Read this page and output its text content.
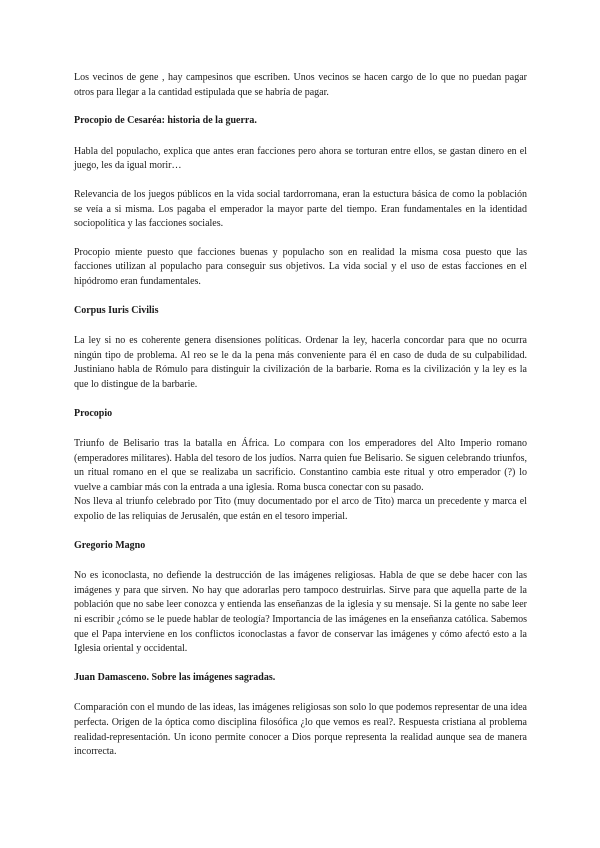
Los vecinos de gene , hay campesinos que escriben. Unos vecinos se hacen cargo de lo que no puedan pagar otros para llegar a la cantidad estipulada que se habría de pagar.

Procopio de Cesaréa: historia de la guerra.

Habla del populacho, explica que antes eran facciones pero ahora se torturan entre ellos, se gastan dinero en el juego, les da igual morir…

Relevancia de los juegos públicos en la vida social tardorromana, eran la estuctura básica de como la población se veía a si misma. Los pagaba el emperador la mayor parte del tiempo. Eran fundamentales en la identidad sociopolítica y las facciones sociales.

Procopio miente puesto que facciones buenas y populacho son en realidad la misma cosa puesto que las facciones utilizan al populacho para conseguir sus objetivos. La vida social y el uso de estas facciones en el hipódromo eran fundamentales.

Corpus Iuris Civilis

La ley si no es coherente genera disensiones políticas. Ordenar la ley, hacerla concordar para que no ocurra ningún tipo de problema. Al reo se le da la pena más conveniente para él en caso de duda de su culpabilidad. Justiniano habla de Rómulo para distinguir la civilización de la barbarie. Roma es la civilización y la ley es la que lo distingue de la barbarie.

Procopio

Triunfo de Belisario tras la batalla en África. Lo compara con los emperadores del Alto Imperio romano (emperadores militares). Habla del tesoro de los judíos. Narra quien fue Belisario. Se siguen celebrando triunfos, un ritual romano en el que se realizaba un sacrificio. Constantino cambia este ritual y otro emperador (?) lo vuelve a cambiar más con la entrada a una iglesia. Roma busca conectar con su pasado.

Nos lleva al triunfo celebrado por Tito (muy documentado por el arco de Tito) marca un precedente y marca el expolio de las reliquias de Jerusalén, que están en el tesoro imperial.

Gregorio Magno

No es iconoclasta, no defiende la destrucción de las imágenes religiosas. Habla de que se debe hacer con las imágenes y para que sirven. No hay que adorarlas pero tampoco destruirlas. Sirve para que aquella parte de la población que no sabe leer conozca y entienda las enseñanzas de la iglesia y su mensaje. Si la gente no sabe leer ni escribir ¿cómo se le puede hablar de teología? Importancia de las imágenes en la enseñanza católica. Sabemos que el Papa interviene en los conflictos iconoclastas a favor de conservar las imágenes y cómo afectó esto a la Iglesia oriental y occidental.

Juan Damasceno. Sobre las imágenes sagradas.

Comparación con el mundo de las ideas, las imágenes religiosas son solo lo que podemos representar de una idea perfecta. Origen de la óptica como disciplina filosófica ¿lo que vemos es real?. Respuesta cristiana al problema realidad-representación. Un icono permite conocer a Dios porque representa la realidad aunque sea de manera incorrecta.
